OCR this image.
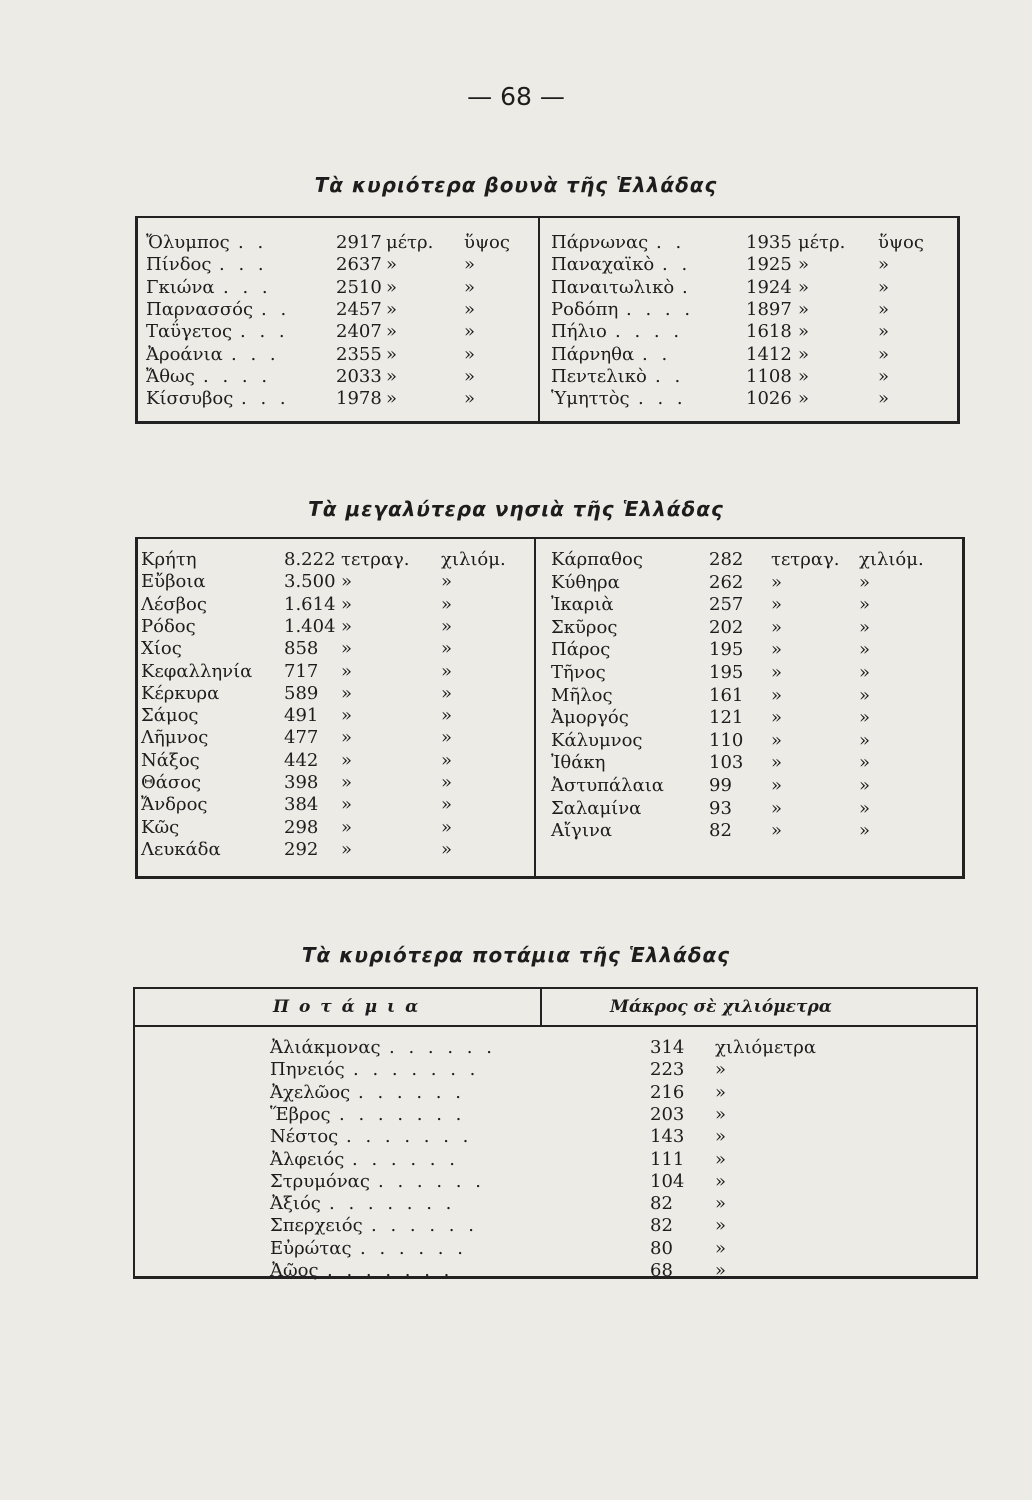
— 68 —
Τὰ κυριότερα βουνὰ τῆς Ἑλλάδας
Ὄλυμπος . .	2917 μέτρ. ὕψος
Πίνδος . . .	2637 »	»
Γκιώνα . . .	2510 »	»
Παρνασσός . .	2457 »	»
Ταΰγετος . . .	2407 »	»
Ἀροάνια . . .	2355 »	»
Ἄθως . . . .	2033 »	»
Κίσσυβος . . .	1978 »	»
Πάρνωνας . .	1935 μέτρ. ὕψος
Παναχαϊκὸ . .	1925 »	»
Παναιτωλικὸ .	1924 »	»
Ροδόπη . . . .	1897 »	»
Πήλιο . . . .	1618 »	»
Πάρνηθα . .	1412 »	»
Πεντελικὸ . .	1108 »	»
Ὑμηττὸς . . .	1026 »	»
Τὰ μεγαλύτερα νησιὰ τῆς Ἑλλάδας
Κρήτη	8.222 τετραγ. χιλιόμ.
Εὔβοια	3.500 »	»
Λέσβος	1.614 »	»
Ρόδος	1.404 »	»
Χίος	858 »	»
Κεφαλληνία 717 »	»
Κέρκυρα	589 »	»
Σάμος	491 »	»
Λῆμνος	477 »	»
Νάξος	442 »	»
Θάσος	398 »	»
Ἄνδρος	384 »	»
Κῶς	298 »	»
Λευκάδα	292 »	»
Κάρπαθος	282 τετραγ. χιλιόμ.
Κύθηρα	262 »	»
Ἰκαριὰ	257 »	»
Σκῦρος	202 »	»
Πάρος	195 »	»
Τῆνος	195 »	»
Μῆλος	161 »	»
Ἀμοργός	121 »	»
Κάλυμνος	110 »	»
Ἰθάκη	103 »	»
Ἀστυπάλαια	99 »	»
Σαλαμίνα	93 »	»
Αἴγινα	82 »	»
Τὰ κυριότερα ποτάμια τῆς Ἑλλάδας
Π ο τ ά μ ι α	Μάκρος σὲ χιλιόμετρα
Ἀλιάκμονας . . . . . .	314 χιλιόμετρα
Πηνειός . . . . . . .	223 »
Ἀχελῶος . . . . . .	216 »
Ἕβρος . . . . . . .	203 »
Νέστος . . . . . . .	143 »
Ἀλφειός . . . . . .	111 »
Στρυμόνας . . . . . .	104 »
Ἀξιός . . . . . . .	82 »
Σπερχειός . . . . . .	82 »
Εὐρώτας . . . . . .	80 »
Ἀῶος . . . . . . .	68 »
